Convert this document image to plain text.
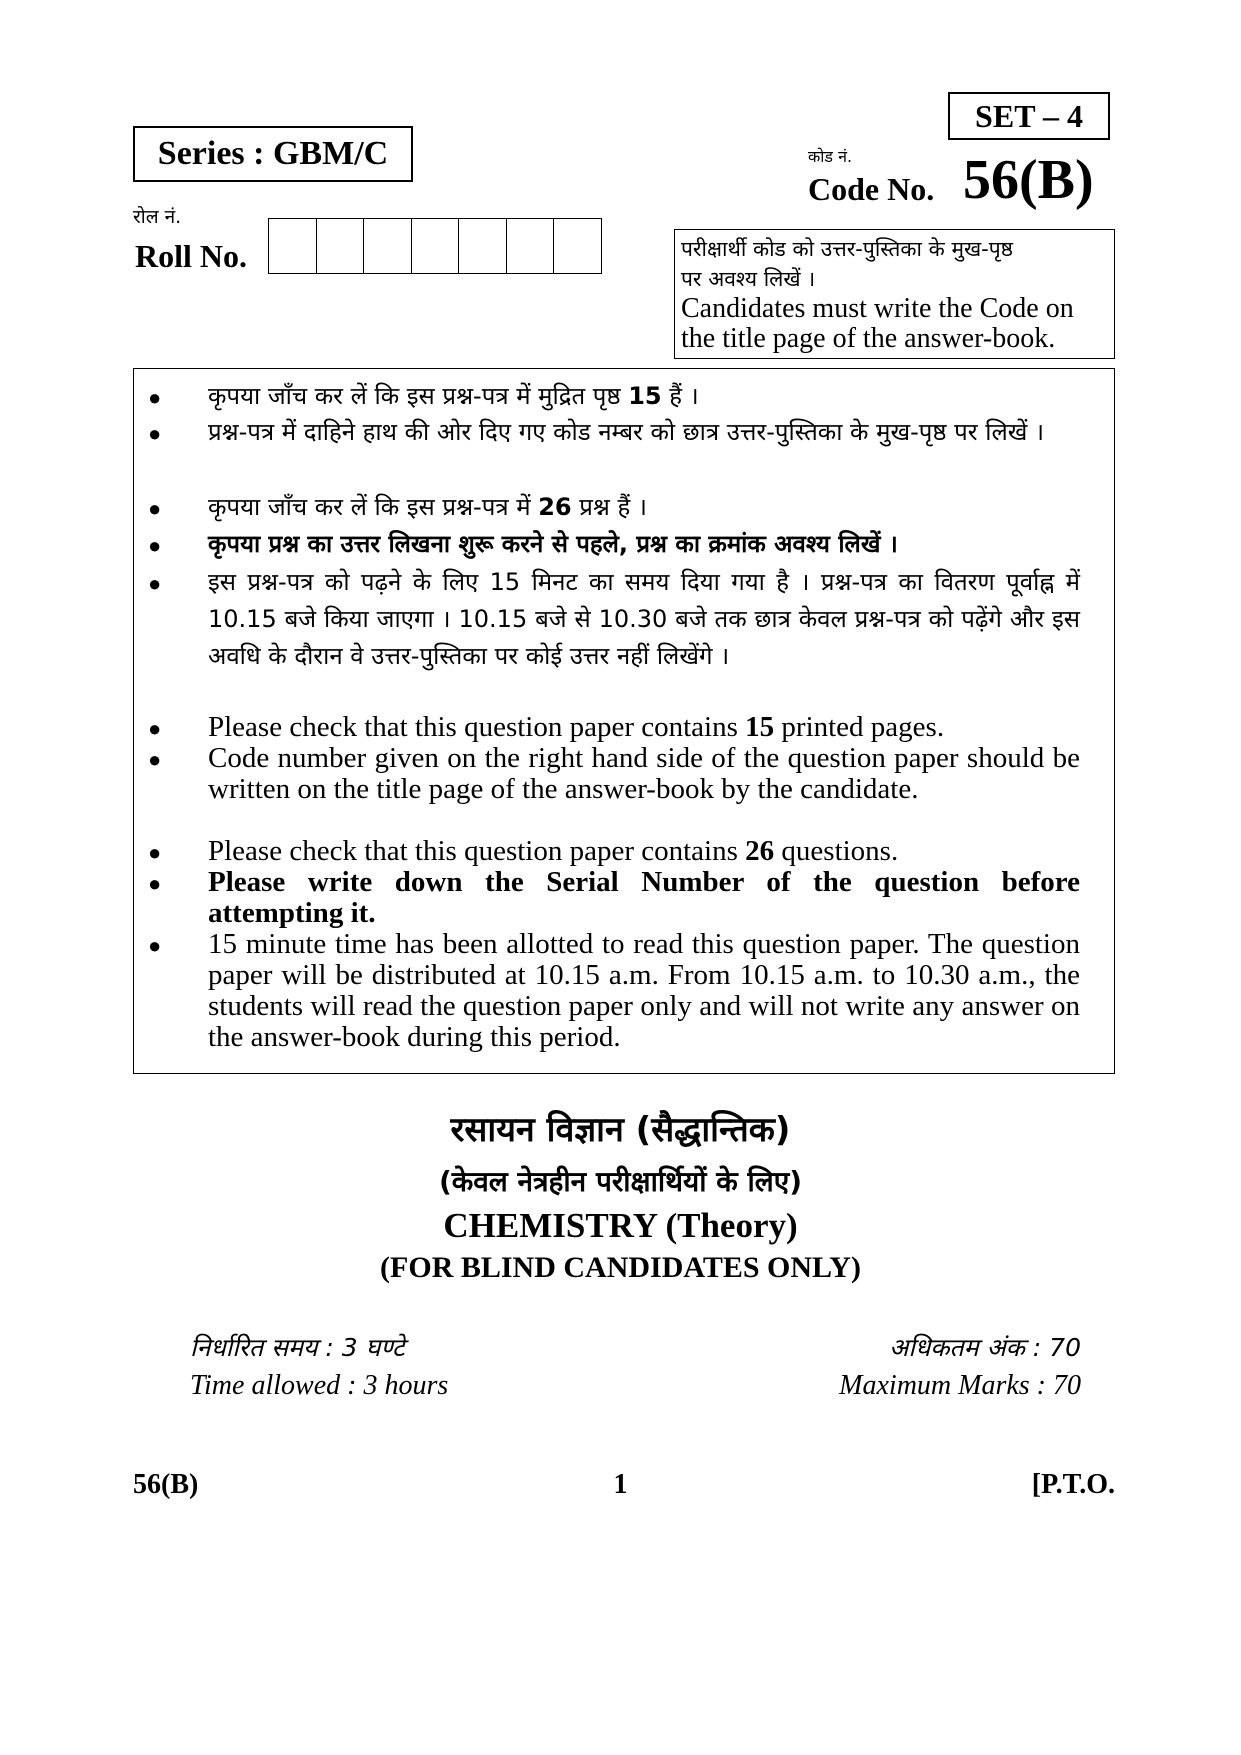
SET – 4
Series : GBM/C
रोल नं.
Roll No.
कोड नं.
Code No. 56(B)
परीक्षार्थी कोड को उत्तर-पुस्तिका के मुख-पृष्ठ
पर अवश्य लिखें ।
Candidates must write the Code on
the title page of the answer-book.
● कृपया जाँच कर लें कि इस प्रश्न-पत्र में मुद्रित पृष्ठ 15 हैं ।
● प्रश्न-पत्र में दाहिने हाथ की ओर दिए गए कोड नम्बर को छात्र उत्तर-पुस्तिका के मुख-पृष्ठ पर लिखें ।
● कृपया जाँच कर लें कि इस प्रश्न-पत्र में 26 प्रश्न हैं ।
● कृपया प्रश्न का उत्तर लिखना शुरू करने से पहले, प्रश्न का क्रमांक अवश्य लिखें ।
● इस प्रश्न-पत्र को पढ़ने के लिए 15 मिनट का समय दिया गया है । प्रश्न-पत्र का वितरण पूर्वाह्न में 10.15 बजे किया जाएगा । 10.15 बजे से 10.30 बजे तक छात्र केवल प्रश्न-पत्र को पढ़ेंगे और इस अवधि के दौरान वे उत्तर-पुस्तिका पर कोई उत्तर नहीं लिखेंगे ।
● Please check that this question paper contains 15 printed pages.
● Code number given on the right hand side of the question paper should be written on the title page of the answer-book by the candidate.
● Please check that this question paper contains 26 questions.
● Please write down the Serial Number of the question before attempting it.
● 15 minute time has been allotted to read this question paper. The question paper will be distributed at 10.15 a.m. From 10.15 a.m. to 10.30 a.m., the students will read the question paper only and will not write any answer on the answer-book during this period.
रसायन विज्ञान (सैद्धान्तिक)
(केवल नेत्रहीन परीक्षार्थियों के लिए)
CHEMISTRY (Theory)
(FOR BLIND CANDIDATES ONLY)
निर्धारित समय : 3 घण्टे
Time allowed : 3 hours
अधिकतम अंक : 70
Maximum Marks : 70
56(B)	1	[P.T.O.
